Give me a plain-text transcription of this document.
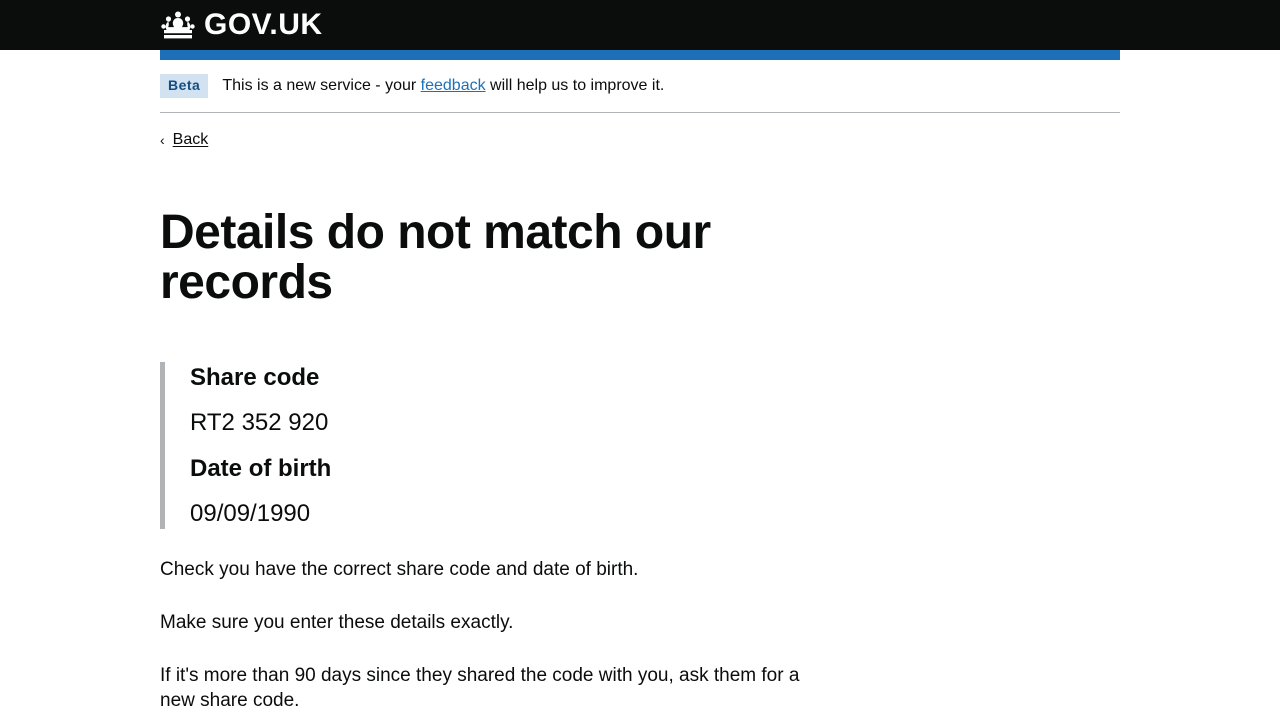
GOV.UK
Beta	This is a new service - your feedback will help us to improve it.
‹ Back
Details do not match our records
Share code
RT2 352 920
Date of birth
09/09/1990

Check you have the correct share code and date of birth.

Make sure you enter these details exactly.

If it's more than 90 days since they shared the code with you, ask them for a new share code.
